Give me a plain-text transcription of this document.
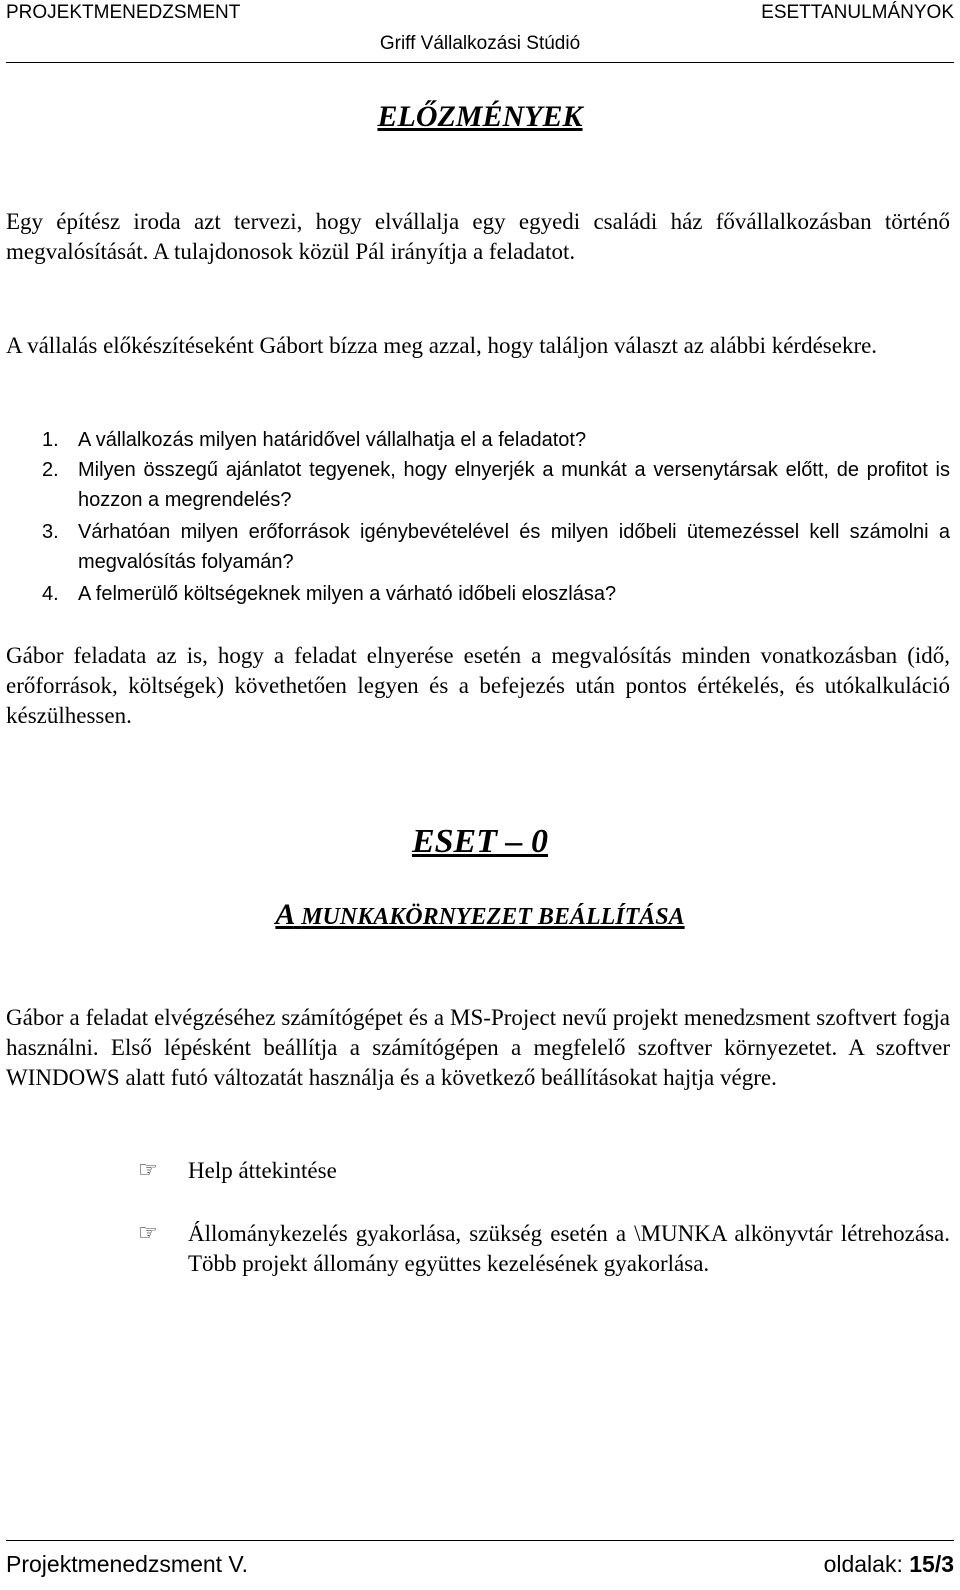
PROJEKTMENEDZSMENT	ESETTANULMÁNYOK
Griff Vállalkozási Stúdió
ELŐZMÉNYEK
Egy építész iroda azt tervezi, hogy elvállalja egy egyedi családi ház fővállalkozásban történő megvalósítását. A tulajdonosok közül Pál irányítja a feladatot.
A vállalás előkészítéseként Gábort bízza meg azzal, hogy találjon választ az alábbi kérdésekre.
1. A vállalkozás milyen határidővel vállalhatja el a feladatot?
2. Milyen összegű ajánlatot tegyenek, hogy elnyerjék a munkát a versenytársak előtt, de profitot is hozzon a megrendelés?
3. Várhatóan milyen erőforrások igénybevételével és milyen időbeli ütemezéssel kell számolni a megvalósítás folyamán?
4. A felmerülő költségeknek milyen a várható időbeli eloszlása?
Gábor feladata az is, hogy a feladat elnyerése esetén a megvalósítás minden vonatkozásban (idő, erőforrások, költségek) követhetően legyen és a befejezés után pontos értékelés, és utókalkuláció készülhessen.
ESET – 0
A MUNKAKÖRNYEZET BEÁLLÍTÁSA
Gábor a feladat elvégzéséhez számítógépet és a MS-Project nevű projekt menedzsment szoftvert fogja használni. Első lépésként beállítja a számítógépen a megfelelő szoftver környezetet. A szoftver WINDOWS alatt futó változatát használja és a következő beállításokat hajtja végre.
☞	Help áttekintése
☞	Állománykezelés gyakorlása, szükség esetén a \MUNKA alkönyvtár létrehozása. Több projekt állomány együttes kezelésének gyakorlása.
Projektmenedzsment V.	oldalak: 15/3
